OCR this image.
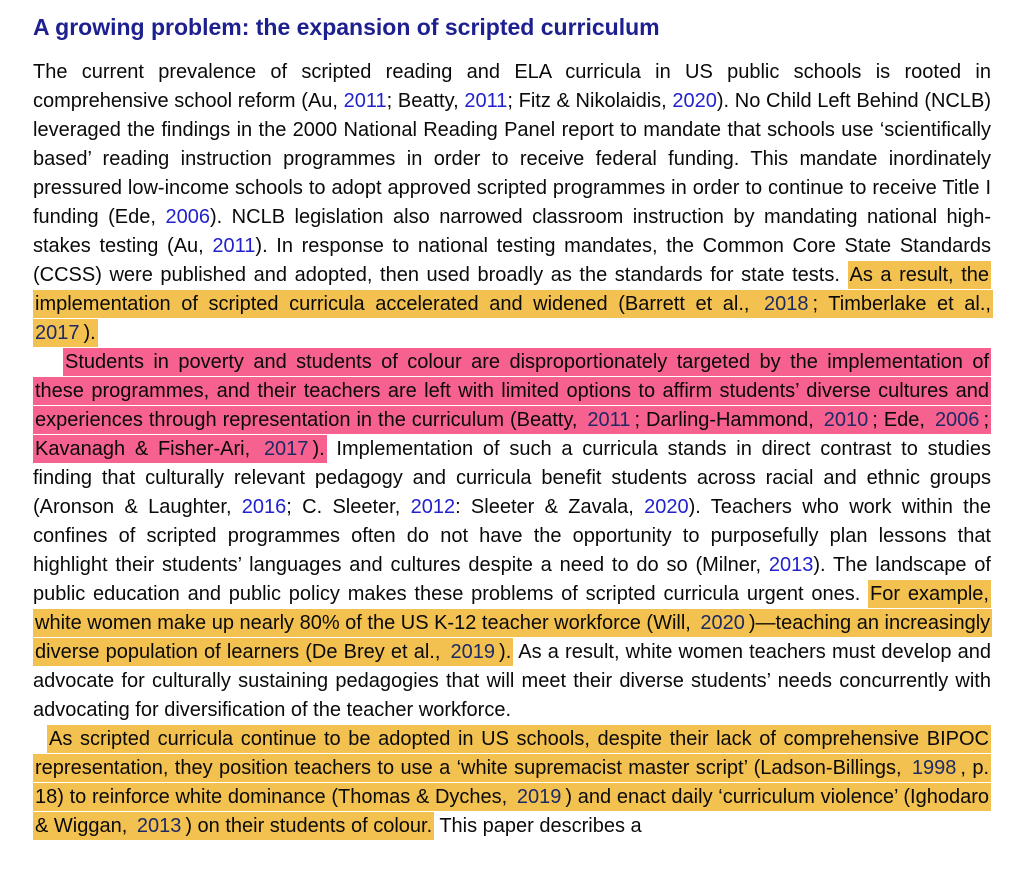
A growing problem: the expansion of scripted curriculum

The current prevalence of scripted reading and ELA curricula in US public schools is rooted in comprehensive school reform (Au, 2011; Beatty, 2011; Fitz & Nikolaidis, 2020). No Child Left Behind (NCLB) leveraged the findings in the 2000 National Reading Panel report to mandate that schools use ‘scientifically based’ reading instruction programmes in order to receive federal funding. This mandate inordinately pressured low-income schools to adopt approved scripted programmes in order to continue to receive Title I funding (Ede, 2006). NCLB legislation also narrowed classroom instruction by mandating national high-stakes testing (Au, 2011). In response to national testing mandates, the Common Core State Standards (CCSS) were published and adopted, then used broadly as the standards for state tests. As a result, the implementation of scripted curricula accelerated and widened (Barrett et al., 2018 ; Timberlake et al., 2017 ).

Students in poverty and students of colour are disproportionately targeted by the implementation of these programmes, and their teachers are left with limited options to affirm students’ diverse cultures and experiences through representation in the curriculum (Beatty, 2011 ; Darling-Hammond, 2010 ; Ede, 2006 ; Kavanagh & Fisher-Ari, 2017 ). Implementation of such a curricula stands in direct contrast to studies finding that culturally relevant pedagogy and curricula benefit students across racial and ethnic groups (Aronson & Laughter, 2016; C. Sleeter, 2012: Sleeter & Zavala, 2020). Teachers who work within the confines of scripted programmes often do not have the opportunity to purposefully plan lessons that highlight their students’ languages and cultures despite a need to do so (Milner, 2013). The landscape of public education and public policy makes these problems of scripted curricula urgent ones. For example, white women make up nearly 80% of the US K-12 teacher workforce (Will, 2020 )—teaching an increasingly diverse population of learners (De Brey et al., 2019 ). As a result, white women teachers must develop and advocate for culturally sustaining pedagogies that will meet their diverse students’ needs concurrently with advocating for diversification of the teacher workforce.

As scripted curricula continue to be adopted in US schools, despite their lack of comprehensive BIPOC representation, they position teachers to use a ‘white supremacist master script’ (Ladson-Billings, 1998 , p. 18) to reinforce white dominance (Thomas & Dyches, 2019 ) and enact daily ‘curriculum violence’ (Ighodaro & Wiggan, 2013 ) on their students of colour. This paper describes a
